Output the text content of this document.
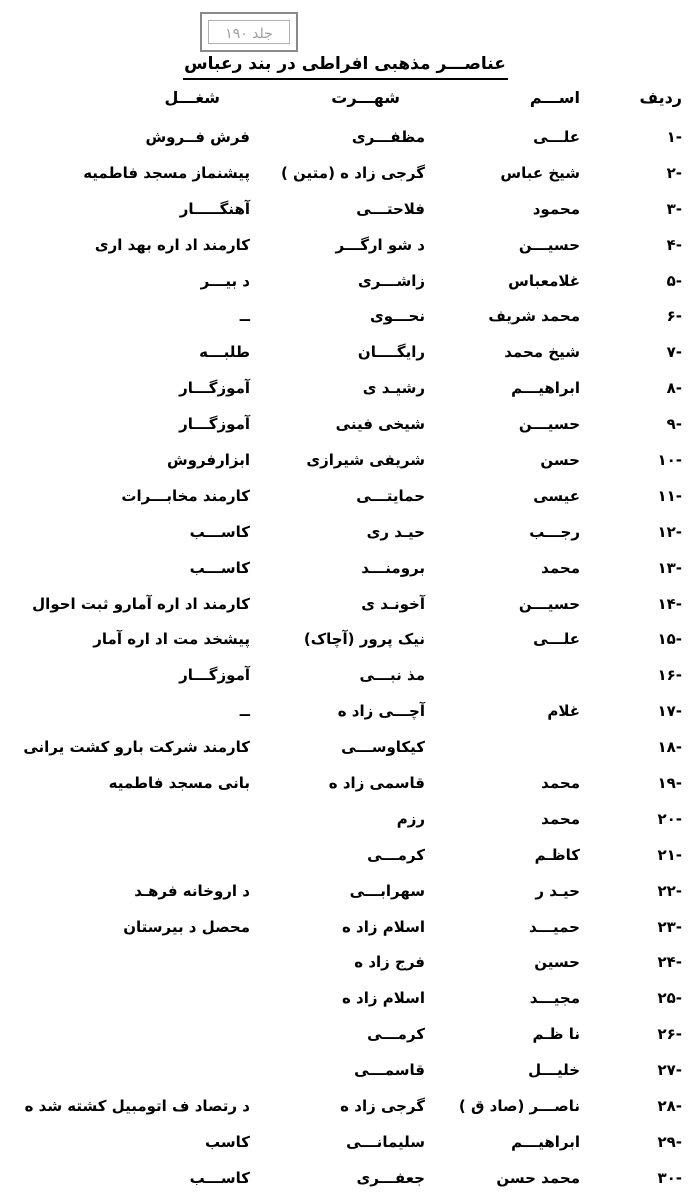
جلد ۱۹۰
عناصـــر مذهبی افراطی در بند رعباس
ردیف
اســـم
شهـــرت
شغـــل
-۱
علـــی
مظفـــری
فرش فــروش
-۲
شیخ عباس
گرجی زاد ه (متین )
پیشنماز مسجد فاطمیه
-۳
محمود
فلاحتـــی
آهنگـــــار
-۴
حسیـــن
د شو ارگـــر
کارمند اد اره بهد اری
-۵
غلامعباس
زاشـــری
د بیـــر
-۶
محمد شریف
نحـــوی
ــ
-۷
شیخ محمد
رایگــــان
طلبـــه
-۸
ابراهیـــم
رشیـد ی
آموزگـــار
-۹
حسیـــن
شیخی فینی
آموزگـــار
-۱۰
حسن
شریفی شیرازی
ابزارفروش
-۱۱
عیسی
حمایتـــی
کارمند مخابـــرات
-۱۲
رجـــب
حیـد ری
کاســـب
-۱۳
محمد
برومنـــد
کاســـب
-۱۴
حسیـــن
آخونـد ی
کارمند اد اره آمارو ثبت احوال
-۱۵
علـــی
نیک پرور (آچاک)
پیشخد مت اد اره آمار
-۱۶
مذ نبـــی
آموزگـــار
-۱۷
غلام
آچـــی زاد ه
ــ
-۱۸
کیکاوســـی
کارمند شرکت بارو کشت یرانی
-۱۹
محمد
قاسمی زاد ه
بانی مسجد فاطمیه
-۲۰
محمد
رزم
-۲۱
کاظـم
کرمـــی
-۲۲
حیـد ر
سهرابـــی
د اروخانه فرهـد
-۲۳
حمیـــد
اسلام زاد ه
محصل د بیرستان
-۲۴
حسین
فرج زاد ه
-۲۵
مجیـــد
اسلام زاد ه
-۲۶
نا ظـم
کرمـــی
-۲۷
خلیـــل
قاسمـــی
-۲۸
ناصـــر (صاد ق )
گرجی زاد ه
د رتصاد ف اتومبیل کشته شد ه
-۲۹
ابراهیـــم
سلیمانـــی
کاسب
-۳۰
محمد حسن
جعفـــری
کاســـب
